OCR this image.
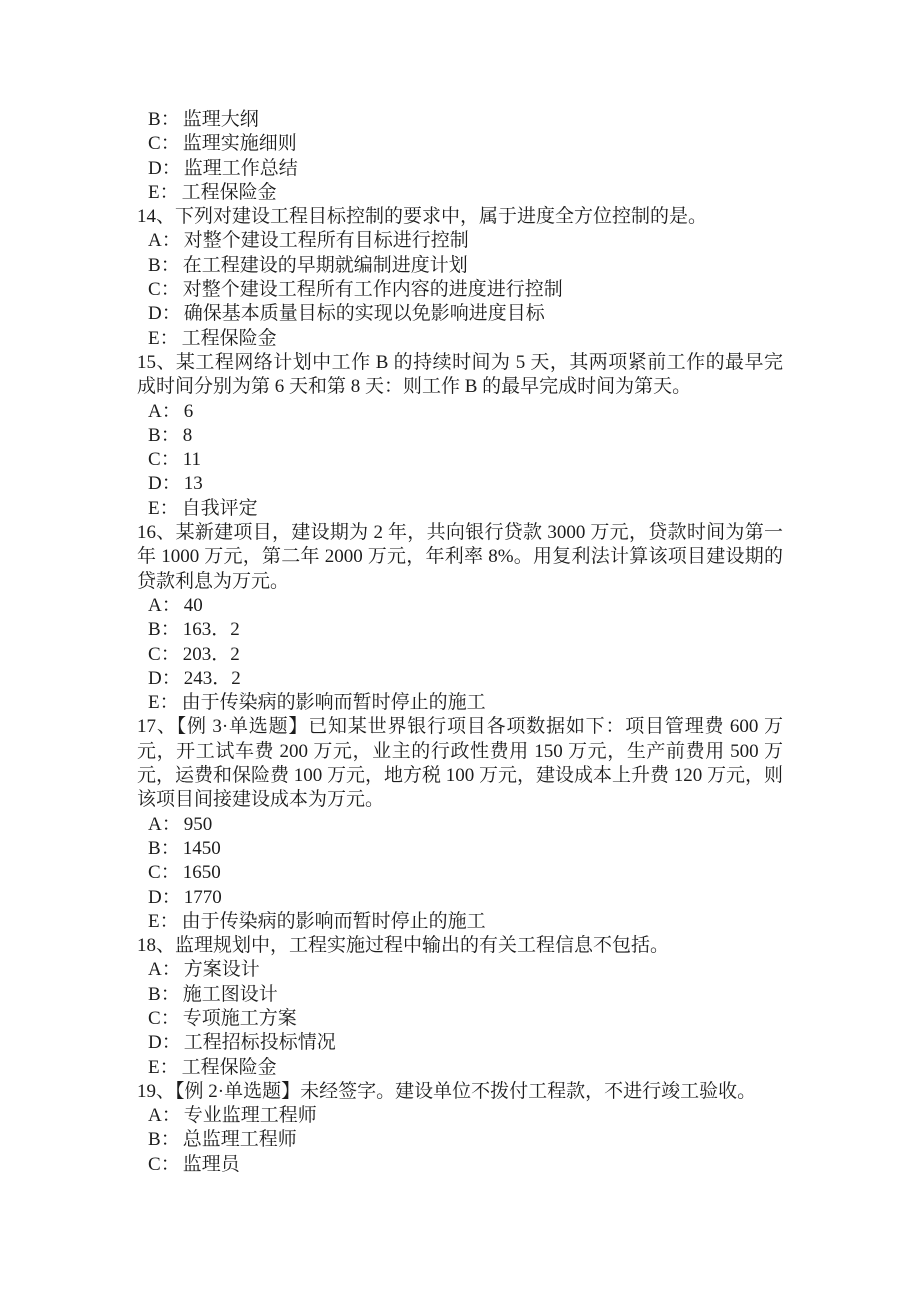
B： 监理大纲
C： 监理实施细则
D： 监理工作总结
E： 工程保险金
14、下列对建设工程目标控制的要求中，属于进度全方位控制的是。
A： 对整个建设工程所有目标进行控制
B： 在工程建设的早期就编制进度计划
C： 对整个建设工程所有工作内容的进度进行控制
D： 确保基本质量目标的实现以免影响进度目标
E： 工程保险金
15、某工程网络计划中工作 B 的持续时间为 5 天，其两项紧前工作的最早完成时间分别为第 6 天和第 8 天：则工作 B 的最早完成时间为第天。
A： 6
B： 8
C： 11
D： 13
E： 自我评定
16、某新建项目，建设期为 2 年，共向银行贷款 3000 万元，贷款时间为第一年 1000 万元，第二年 2000 万元，年利率 8%。用复利法计算该项目建设期的贷款利息为万元。
A： 40
B： 163．2
C： 203．2
D： 243．2
E： 由于传染病的影响而暂时停止的施工
17、【例 3·单选题】已知某世界银行项目各项数据如下：项目管理费 600 万元，开工试车费 200 万元，业主的行政性费用 150 万元，生产前费用 500 万元，运费和保险费 100 万元，地方税 100 万元，建设成本上升费 120 万元，则该项目间接建设成本为万元。
A： 950
B： 1450
C： 1650
D： 1770
E： 由于传染病的影响而暂时停止的施工
18、监理规划中，工程实施过程中输出的有关工程信息不包括。
A： 方案设计
B： 施工图设计
C： 专项施工方案
D： 工程招标投标情况
E： 工程保险金
19、【例 2·单选题】未经签字。建设单位不拨付工程款，不进行竣工验收。
A： 专业监理工程师
B： 总监理工程师
C： 监理员
